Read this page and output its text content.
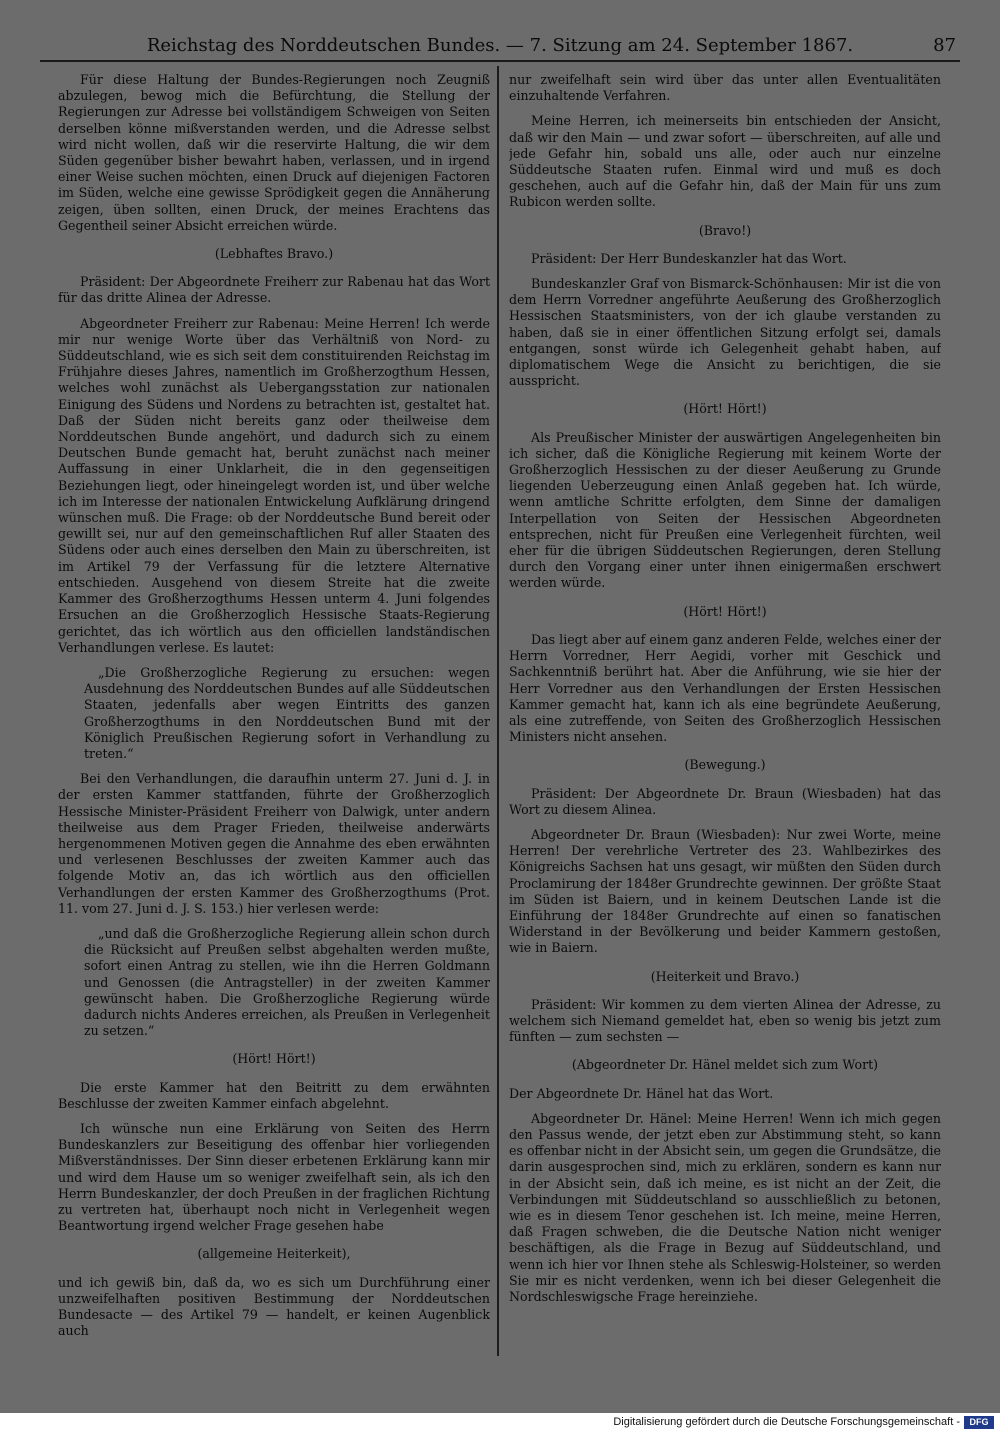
Reichstag des Norddeutschen Bundes. — 7. Sitzung am 24. September 1867.	87

Für diese Haltung der Bundes-Regierungen noch Zeugniß abzulegen, bewog mich die Befürchtung, die Stellung der Regierungen zur Adresse bei vollständigem Schweigen von Seiten derselben könne mißverstanden werden, und die Adresse selbst wird nicht wollen, daß wir die reservirte Haltung, die wir dem Süden gegenüber bisher bewahrt haben, verlassen, und in irgend einer Weise suchen möchten, einen Druck auf diejenigen Factoren im Süden, welche eine gewisse Sprödigkeit gegen die Annäherung zeigen, üben sollten, einen Druck, der meines Erachtens das Gegentheil seiner Absicht erreichen würde.

(Lebhaftes Bravo.)

Präsident: Der Abgeordnete Freiherr zur Rabenau hat das Wort für das dritte Alinea der Adresse.

Abgeordneter Freiherr zur Rabenau: Meine Herren! Ich werde mir nur wenige Worte über das Verhältniß von Nord- zu Süddeutschland, wie es sich seit dem constituirenden Reichstag im Frühjahre dieses Jahres, namentlich im Großherzogthum Hessen, welches wohl zunächst als Uebergangsstation zur nationalen Einigung des Südens und Nordens zu betrachten ist, gestaltet hat. Daß der Süden nicht bereits ganz oder theilweise dem Norddeutschen Bunde angehört, und dadurch sich zu einem Deutschen Bunde gemacht hat, beruht zunächst nach meiner Auffassung in einer Unklarheit, die in den gegenseitigen Beziehungen liegt, oder hineingelegt worden ist, und über welche ich im Interesse der nationalen Entwickelung Aufklärung dringend wünschen muß. Die Frage: ob der Norddeutsche Bund bereit oder gewillt sei, nur auf den gemeinschaftlichen Ruf aller Staaten des Südens oder auch eines derselben den Main zu überschreiten, ist im Artikel 79 der Verfassung für die letztere Alternative entschieden. Ausgehend von diesem Streite hat die zweite Kammer des Großherzogthums Hessen unterm 4. Juni folgendes Ersuchen an die Großherzoglich Hessische Staats-Regierung gerichtet, das ich wörtlich aus den officiellen landständischen Verhandlungen verlese. Es lautet:

„Die Großherzogliche Regierung zu ersuchen: wegen Ausdehnung des Norddeutschen Bundes auf alle Süddeutschen Staaten, jedenfalls aber wegen Eintritts des ganzen Großherzogthums in den Norddeutschen Bund mit der Königlich Preußischen Regierung sofort in Verhandlung zu treten.“

Bei den Verhandlungen, die daraufhin unterm 27. Juni d. J. in der ersten Kammer stattfanden, führte der Großherzoglich Hessische Minister-Präsident Freiherr von Dalwigk, unter andern theilweise aus dem Prager Frieden, theilweise anderwärts hergenommenen Motiven gegen die Annahme des eben erwähnten und verlesenen Beschlusses der zweiten Kammer auch das folgende Motiv an, das ich wörtlich aus den officiellen Verhandlungen der ersten Kammer des Großherzogthums (Prot. 11. vom 27. Juni d. J. S. 153.) hier verlesen werde:

„und daß die Großherzogliche Regierung allein schon durch die Rücksicht auf Preußen selbst abgehalten werden mußte, sofort einen Antrag zu stellen, wie ihn die Herren Goldmann und Genossen (die Antragsteller) in der zweiten Kammer gewünscht haben. Die Großherzogliche Regierung würde dadurch nichts Anderes erreichen, als Preußen in Verlegenheit zu setzen.“

(Hört! Hört!)

Die erste Kammer hat den Beitritt zu dem erwähnten Beschlusse der zweiten Kammer einfach abgelehnt.

Ich wünsche nun eine Erklärung von Seiten des Herrn Bundeskanzlers zur Beseitigung des offenbar hier vorliegenden Mißverständnisses. Der Sinn dieser erbetenen Erklärung kann mir und wird dem Hause um so weniger zweifelhaft sein, als ich den Herrn Bundeskanzler, der doch Preußen in der fraglichen Richtung zu vertreten hat, überhaupt noch nicht in Verlegenheit wegen Beantwortung irgend welcher Frage gesehen habe

(allgemeine Heiterkeit),

und ich gewiß bin, daß da, wo es sich um Durchführung einer unzweifelhaften positiven Bestimmung der Norddeutschen Bundesacte — des Artikel 79 — handelt, er keinen Augenblick auch

nur zweifelhaft sein wird über das unter allen Eventualitäten einzuhaltende Verfahren.

Meine Herren, ich meinerseits bin entschieden der Ansicht, daß wir den Main — und zwar sofort — überschreiten, auf alle und jede Gefahr hin, sobald uns alle, oder auch nur einzelne Süddeutsche Staaten rufen. Einmal wird und muß es doch geschehen, auch auf die Gefahr hin, daß der Main für uns zum Rubicon werden sollte.

(Bravo!)

Präsident: Der Herr Bundeskanzler hat das Wort.

Bundeskanzler Graf von Bismarck-Schönhausen: Mir ist die von dem Herrn Vorredner angeführte Aeußerung des Großherzoglich Hessischen Staatsministers, von der ich glaube verstanden zu haben, daß sie in einer öffentlichen Sitzung erfolgt sei, damals entgangen, sonst würde ich Gelegenheit gehabt haben, auf diplomatischem Wege die Ansicht zu berichtigen, die sie ausspricht.

(Hört! Hört!)

Als Preußischer Minister der auswärtigen Angelegenheiten bin ich sicher, daß die Königliche Regierung mit keinem Worte der Großherzoglich Hessischen zu der dieser Aeußerung zu Grunde liegenden Ueberzeugung einen Anlaß gegeben hat. Ich würde, wenn amtliche Schritte erfolgten, dem Sinne der damaligen Interpellation von Seiten der Hessischen Abgeordneten entsprechen, nicht für Preußen eine Verlegenheit fürchten, weil eher für die übrigen Süddeutschen Regierungen, deren Stellung durch den Vorgang einer unter ihnen einigermaßen erschwert werden würde.

(Hört! Hört!)

Das liegt aber auf einem ganz anderen Felde, welches einer der Herrn Vorredner, Herr Aegidi, vorher mit Geschick und Sachkenntniß berührt hat. Aber die Anführung, wie sie hier der Herr Vorredner aus den Verhandlungen der Ersten Hessischen Kammer gemacht hat, kann ich als eine begründete Aeußerung, als eine zutreffende, von Seiten des Großherzoglich Hessischen Ministers nicht ansehen.

(Bewegung.)

Präsident: Der Abgeordnete Dr. Braun (Wiesbaden) hat das Wort zu diesem Alinea.

Abgeordneter Dr. Braun (Wiesbaden): Nur zwei Worte, meine Herren! Der verehrliche Vertreter des 23. Wahlbezirkes des Königreichs Sachsen hat uns gesagt, wir müßten den Süden durch Proclamirung der 1848er Grundrechte gewinnen. Der größte Staat im Süden ist Baiern, und in keinem Deutschen Lande ist die Einführung der 1848er Grundrechte auf einen so fanatischen Widerstand in der Bevölkerung und beider Kammern gestoßen, wie in Baiern.

(Heiterkeit und Bravo.)

Präsident: Wir kommen zu dem vierten Alinea der Adresse, zu welchem sich Niemand gemeldet hat, eben so wenig bis jetzt zum fünften — zum sechsten —

(Abgeordneter Dr. Hänel meldet sich zum Wort)

Der Abgeordnete Dr. Hänel hat das Wort.

Abgeordneter Dr. Hänel: Meine Herren! Wenn ich mich gegen den Passus wende, der jetzt eben zur Abstimmung steht, so kann es offenbar nicht in der Absicht sein, um gegen die Grundsätze, die darin ausgesprochen sind, mich zu erklären, sondern es kann nur in der Absicht sein, daß ich meine, es ist nicht an der Zeit, die Verbindungen mit Süddeutschland so ausschließlich zu betonen, wie es in diesem Tenor geschehen ist. Ich meine, meine Herren, daß Fragen schweben, die die Deutsche Nation nicht weniger beschäftigen, als die Frage in Bezug auf Süddeutschland, und wenn ich hier vor Ihnen stehe als Schleswig-Holsteiner, so werden Sie mir es nicht verdenken, wenn ich bei dieser Gelegenheit die Nordschleswigsche Frage hereinziehe.

Digitalisierung gefördert durch die Deutsche Forschungsgemeinschaft -	DFG
